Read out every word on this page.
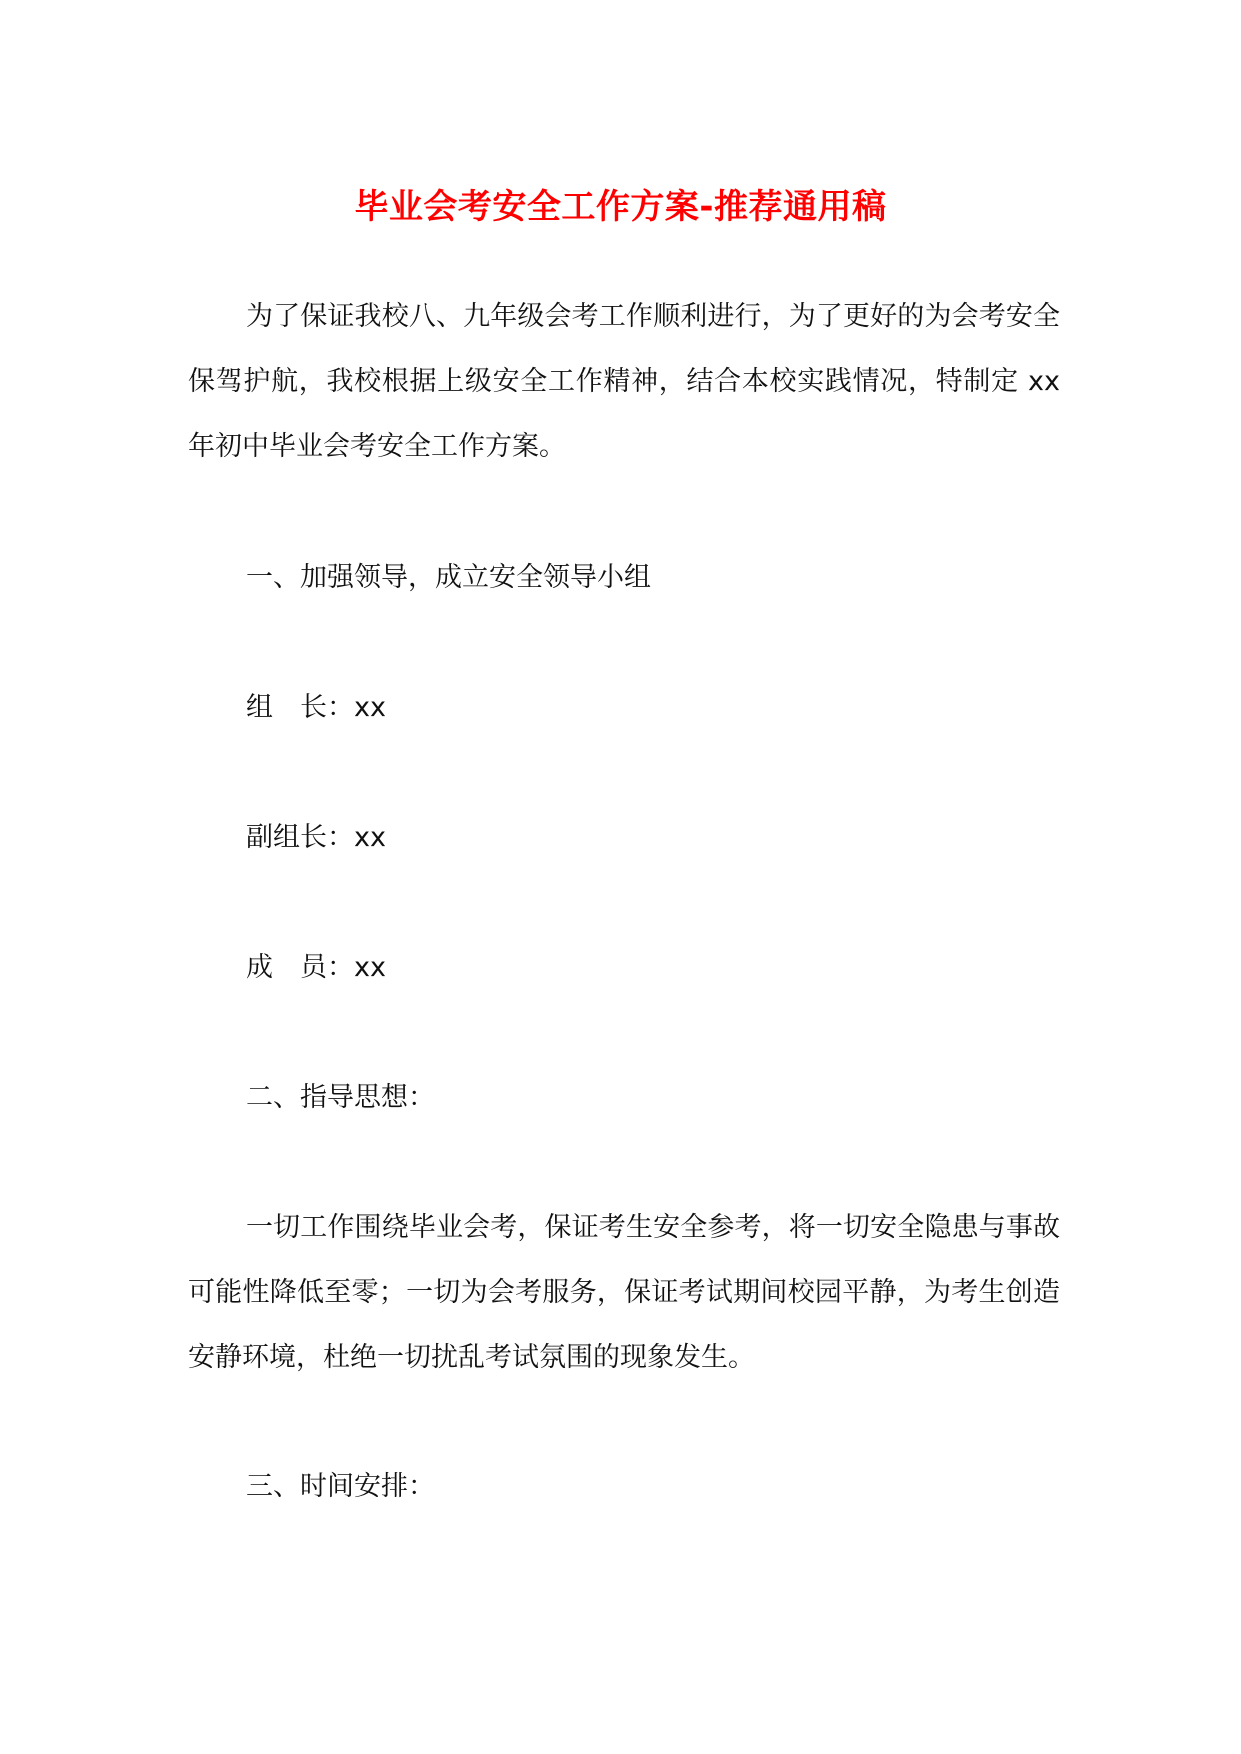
毕业会考安全工作方案-推荐通用稿

为了保证我校八、九年级会考工作顺利进行，为了更好的为会考安全保驾护航，我校根据上级安全工作精神，结合本校实践情况，特制定 xx 年初中毕业会考安全工作方案。

一、加强领导，成立安全领导小组

组　长：xx

副组长：xx

成　员：xx

二、指导思想：

一切工作围绕毕业会考，保证考生安全参考，将一切安全隐患与事故可能性降低至零；一切为会考服务，保证考试期间校园平静，为考生创造安静环境，杜绝一切扰乱考试氛围的现象发生。

三、时间安排：
